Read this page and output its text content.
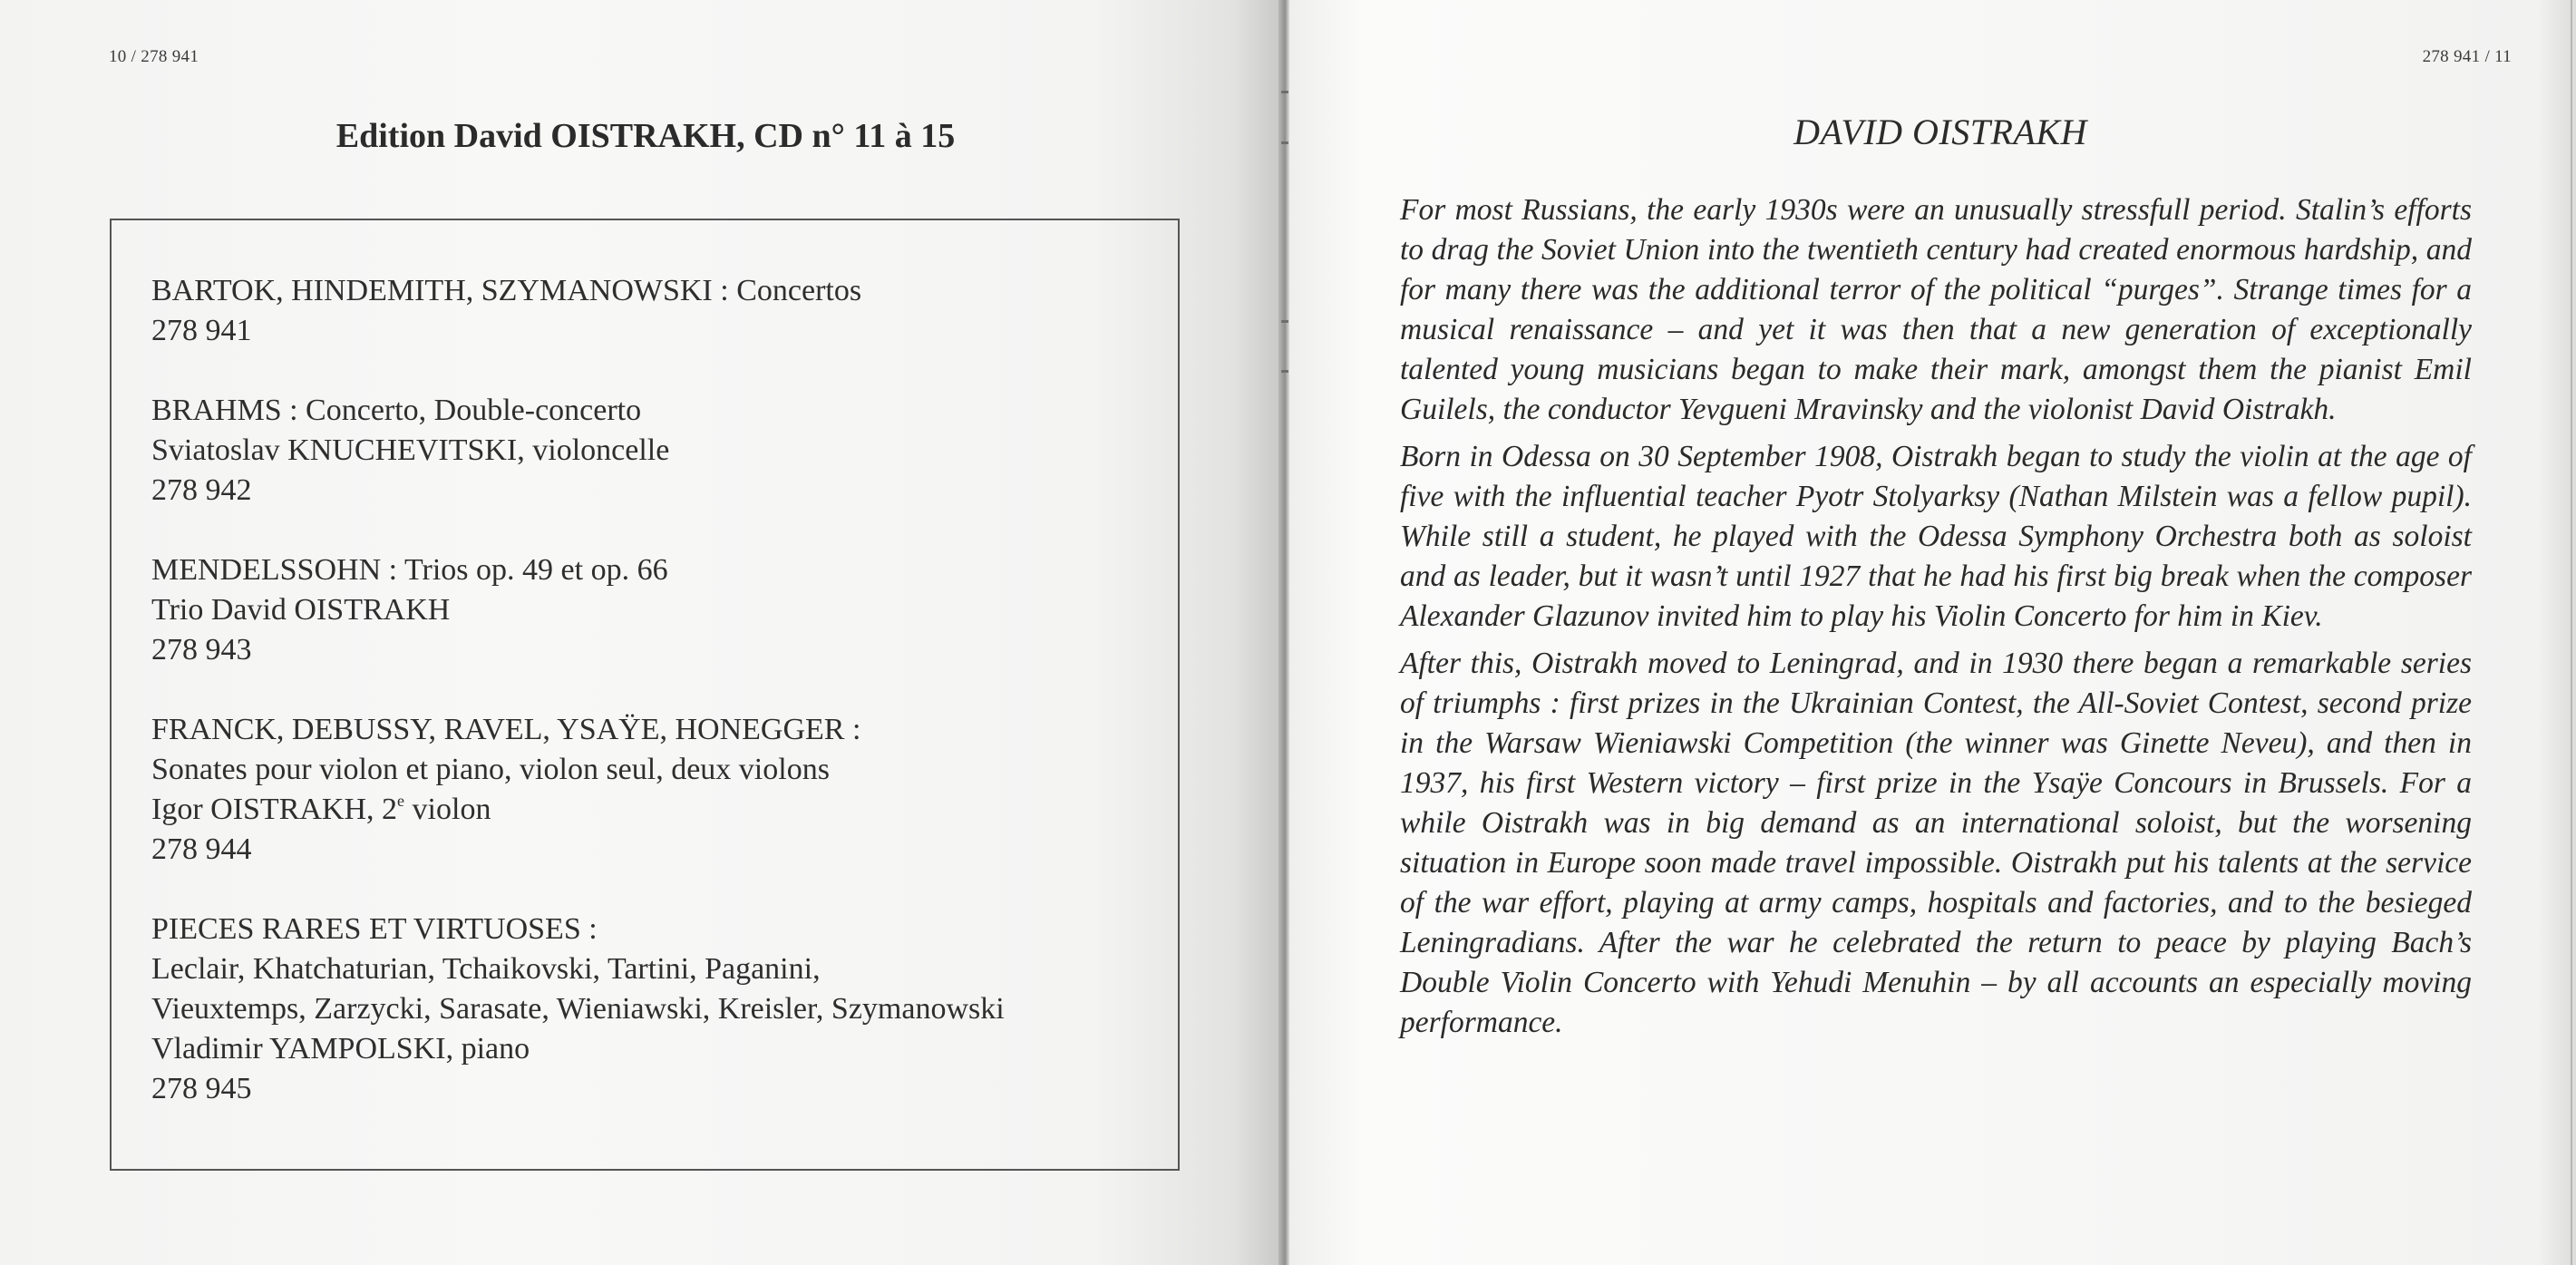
10 / 278 941
Edition David OISTRAKH, CD n° 11 à 15
BARTOK, HINDEMITH, SZYMANOWSKI : Concertos
278 941
BRAHMS : Concerto, Double-concerto
Sviatoslav KNUCHEVITSKI, violoncelle
278 942
MENDELSSOHN : Trios op. 49 et op. 66
Trio David OISTRAKH
278 943
FRANCK, DEBUSSY, RAVEL, YSAŸE, HONEGGER :
Sonates pour violon et piano, violon seul, deux violons
Igor OISTRAKH, 2e violon
278 944
PIECES RARES ET VIRTUOSES :
Leclair, Khatchaturian, Tchaikovski, Tartini, Paganini,
Vieuxtemps, Zarzycki, Sarasate, Wieniawski, Kreisler, Szymanowski
Vladimir YAMPOLSKI, piano
278 945
278 941 / 11
DAVID OISTRAKH

For most Russians, the early 1930s were an unusually stressfull period. Stalin’s efforts to drag the Soviet Union into the twentieth century had created enormous hardship, and for many there was the additional terror of the political “purges”. Strange times for a musical renaissance – and yet it was then that a new generation of exceptionally talented young musicians began to make their mark, amongst them the pianist Emil Guilels, the conductor Yevgueni Mravinsky and the violonist David Oistrakh.

Born in Odessa on 30 September 1908, Oistrakh began to study the violin at the age of five with the influential teacher Pyotr Stolyarksy (Nathan Milstein was a fellow pupil). While still a student, he played with the Odessa Symphony Orchestra both as soloist and as leader, but it wasn’t until 1927 that he had his first big break when the composer Alexander Glazunov invited him to play his Violin Concerto for him in Kiev.

After this, Oistrakh moved to Leningrad, and in 1930 there began a remarkable series of triumphs : first prizes in the Ukrainian Contest, the All-Soviet Contest, second prize in the Warsaw Wieniawski Competition (the winner was Ginette Neveu), and then in 1937, his first Western victory – first prize in the Ysaÿe Concours in Brussels. For a while Oistrakh was in big demand as an international soloist, but the worsening situation in Europe soon made travel impossible. Oistrakh put his talents at the service of the war effort, playing at army camps, hospitals and factories, and to the besieged Leningradians. After the war he celebrated the return to peace by playing Bach’s Double Violin Concerto with Yehudi Menuhin – by all accounts an especially moving performance.
